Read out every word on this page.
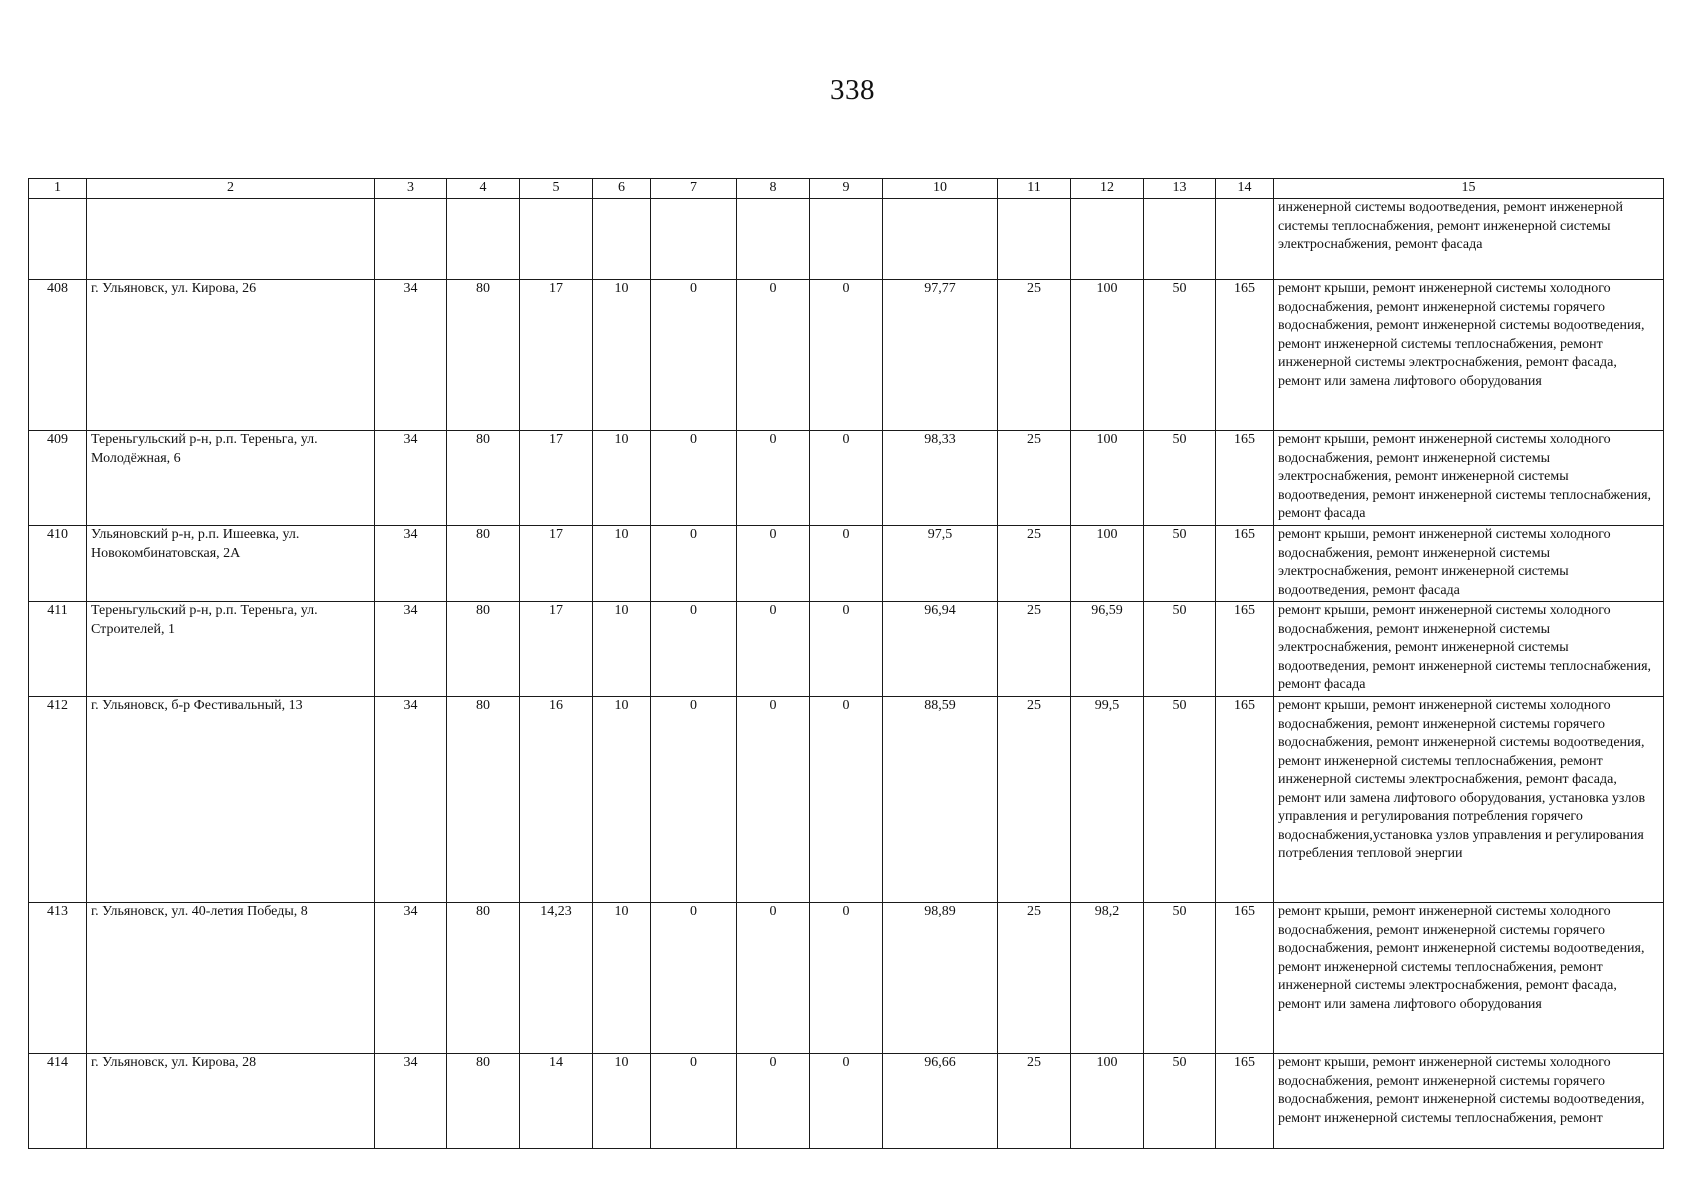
338
1	2	3	4	5	6	7	8	9	10	11	12	13	14	15
														инженерной системы водоотведения, ремонт инженерной системы теплоснабжения, ремонт инженерной системы электроснабжения, ремонт фасада
408	г. Ульяновск, ул. Кирова, 26	34	80	17	10	0	0	0	97,77	25	100	50	165	ремонт крыши, ремонт инженерной системы холодного водоснабжения, ремонт инженерной системы горячего водоснабжения, ремонт инженерной системы водоотведения, ремонт инженерной системы теплоснабжения, ремонт инженерной системы электроснабжения, ремонт фасада, ремонт или замена лифтового оборудования
409	Тереньгульский р-н, р.п. Тереньга, ул. Молодёжная, 6	34	80	17	10	0	0	0	98,33	25	100	50	165	ремонт крыши, ремонт инженерной системы холодного водоснабжения, ремонт инженерной системы электроснабжения, ремонт инженерной системы водоотведения, ремонт инженерной системы теплоснабжения, ремонт фасада
410	Ульяновский р-н, р.п. Ишеевка, ул. Новокомбинатовская, 2А	34	80	17	10	0	0	0	97,5	25	100	50	165	ремонт крыши, ремонт инженерной системы холодного водоснабжения, ремонт инженерной системы электроснабжения, ремонт инженерной системы водоотведения, ремонт фасада
411	Тереньгульский р-н, р.п. Тереньга, ул. Строителей, 1	34	80	17	10	0	0	0	96,94	25	96,59	50	165	ремонт крыши, ремонт инженерной системы холодного водоснабжения, ремонт инженерной системы электроснабжения, ремонт инженерной системы водоотведения, ремонт инженерной системы теплоснабжения, ремонт фасада
412	г. Ульяновск, б-р Фестивальный, 13	34	80	16	10	0	0	0	88,59	25	99,5	50	165	ремонт крыши, ремонт инженерной системы холодного водоснабжения, ремонт инженерной системы горячего водоснабжения, ремонт инженерной системы водоотведения, ремонт инженерной системы теплоснабжения, ремонт инженерной системы электроснабжения, ремонт фасада, ремонт или замена лифтового оборудования, установка узлов управления и регулирования потребления горячего водоснабжения,установка узлов управления и регулирования потребления тепловой энергии
413	г. Ульяновск, ул. 40-летия Победы, 8	34	80	14,23	10	0	0	0	98,89	25	98,2	50	165	ремонт крыши, ремонт инженерной системы холодного водоснабжения, ремонт инженерной системы горячего водоснабжения, ремонт инженерной системы водоотведения, ремонт инженерной системы теплоснабжения, ремонт инженерной системы электроснабжения, ремонт фасада, ремонт или замена лифтового оборудования
414	г. Ульяновск, ул. Кирова, 28	34	80	14	10	0	0	0	96,66	25	100	50	165	ремонт крыши, ремонт инженерной системы холодного водоснабжения, ремонт инженерной системы горячего водоснабжения, ремонт инженерной системы водоотведения, ремонт инженерной системы теплоснабжения, ремонт
